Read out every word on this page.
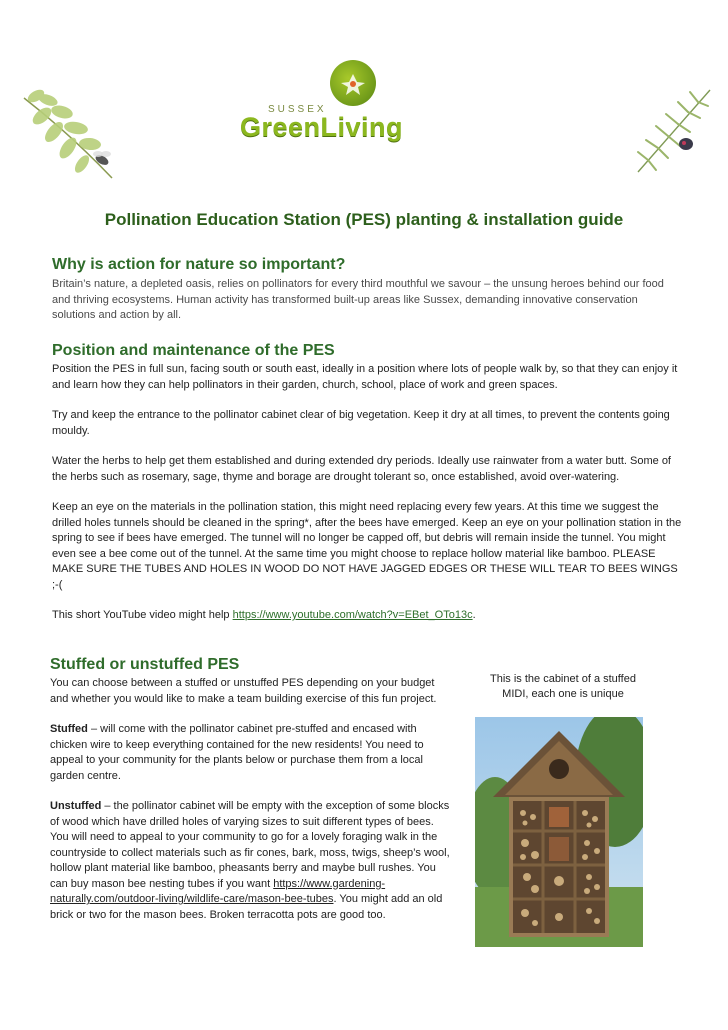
SUSSEX
GreenLiving
Pollination Education Station (PES) planting & installation guide
Why is action for nature so important?

Britain’s nature, a depleted oasis, relies on pollinators for every third mouthful we savour – the unsung heroes behind our food and thriving ecosystems. Human activity has transformed built-up areas like Sussex, demanding innovative conservation solutions and action by all.

Position and maintenance of the PES

Position the PES in full sun, facing south or south east, ideally in a position where lots of people walk by, so that they can enjoy it and learn how they can help pollinators in their garden, church, school, place of work and green spaces.

Try and keep the entrance to the pollinator cabinet clear of big vegetation. Keep it dry at all times, to prevent the contents going mouldy.

Water the herbs to help get them established and during extended dry periods. Ideally use rainwater from a water butt. Some of the herbs such as rosemary, sage, thyme and borage are drought tolerant so, once established, avoid over-watering.

Keep an eye on the materials in the pollination station, this might need replacing every few years. At this time we suggest the drilled holes tunnels should be cleaned in the spring*, after the bees have emerged. Keep an eye on your pollination station in the spring to see if bees have emerged. The tunnel will no longer be capped off, but debris will remain inside the tunnel. You might even see a bee come out of the tunnel. At the same time you might choose to replace hollow material like bamboo. PLEASE MAKE SURE THE TUBES AND HOLES IN WOOD DO NOT HAVE JAGGED EDGES OR THESE WILL TEAR TO BEES WINGS ;-(

This short YouTube video might help https://www.youtube.com/watch?v=EBet_OTo13c.

Stuffed or unstuffed PES

You can choose between a stuffed or unstuffed PES depending on your budget and whether you would like to make a team building exercise of this fun project.

Stuffed – will come with the pollinator cabinet pre-stuffed and encased with chicken wire to keep everything contained for the new residents! You need to appeal to your community for the plants below or purchase them from a local garden centre.

Unstuffed – the pollinator cabinet will be empty with the exception of some blocks of wood which have drilled holes of varying sizes to suit different types of bees. You will need to appeal to your community to go for a lovely foraging walk in the countryside to collect materials such as fir cones, bark, moss, twigs, sheep’s wool, hollow plant material like bamboo, pheasants berry and maybe bull rushes. You can buy mason bee nesting tubes if you want https://www.gardening-naturally.com/outdoor-living/wildlife-care/mason-bee-tubes. You might add an old brick or two for the mason bees. Broken terracotta pots are good too.

This is the cabinet of a stuffed MIDI, each one is unique
